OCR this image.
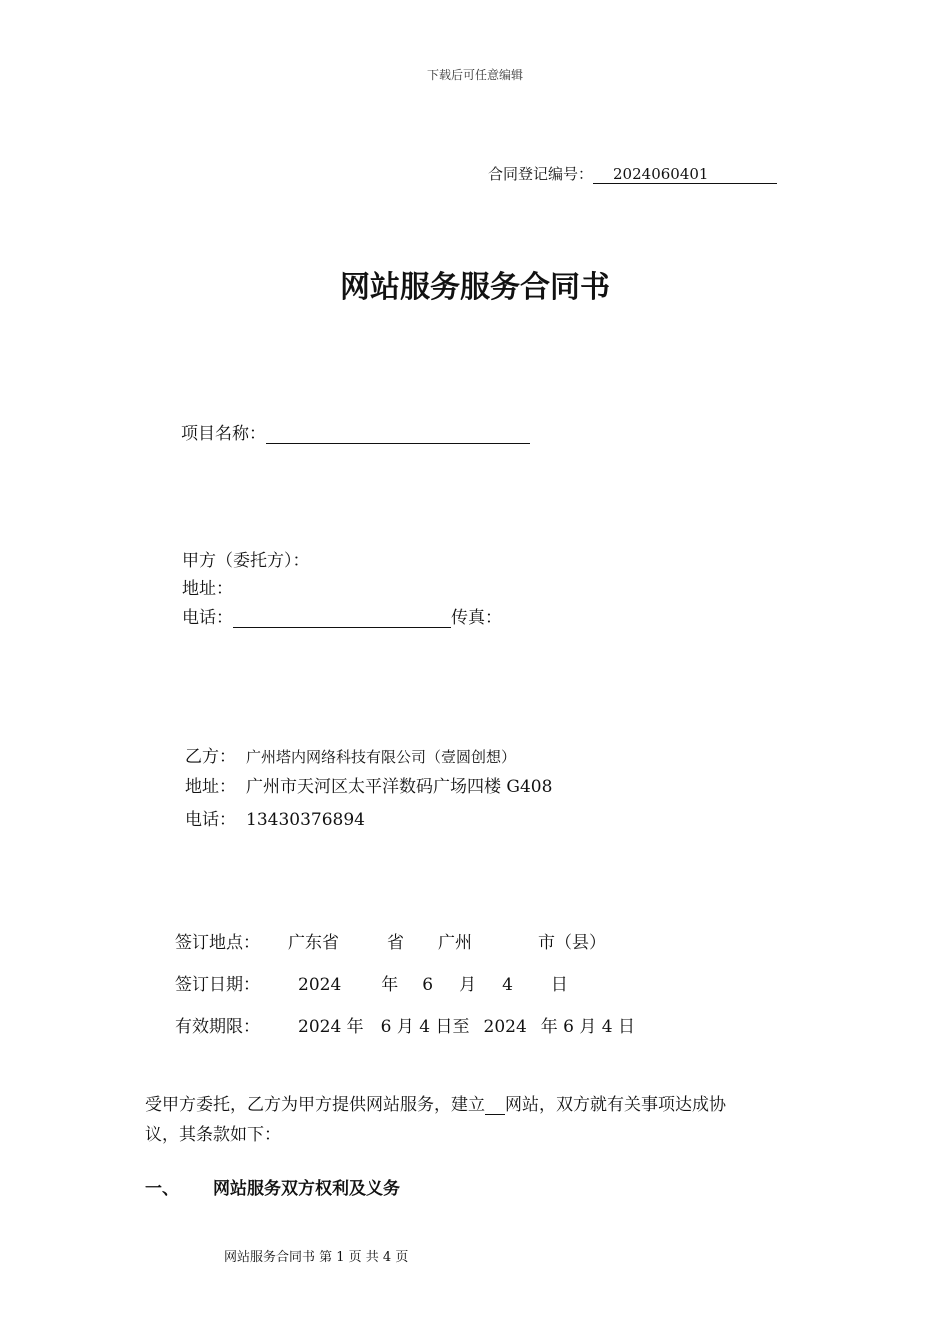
下载后可任意编辑
合同登记编号： 2024060401
网站服务服务合同书
项目名称：
甲方（委托方）：
地址：
电话：	传真：
乙方： 广州塔内网络科技有限公司（壹圆创想）
地址： 广州市天河区太平洋数码广场四楼 G408
电话： 13430376894
签订地点： 广东省	省 广州	市（县）
签订日期： 2024 年 6 月 4 日
有效期限： 2024 年　6 月 4 日至 2024 年 6 月 4 日
受甲方委托，乙方为甲方提供网站服务，建立 网站，双方就有关事项达成协
议，其条款如下：
一、 网站服务双方权利及义务
网站服务合同书 第 1 页 共 4 页
